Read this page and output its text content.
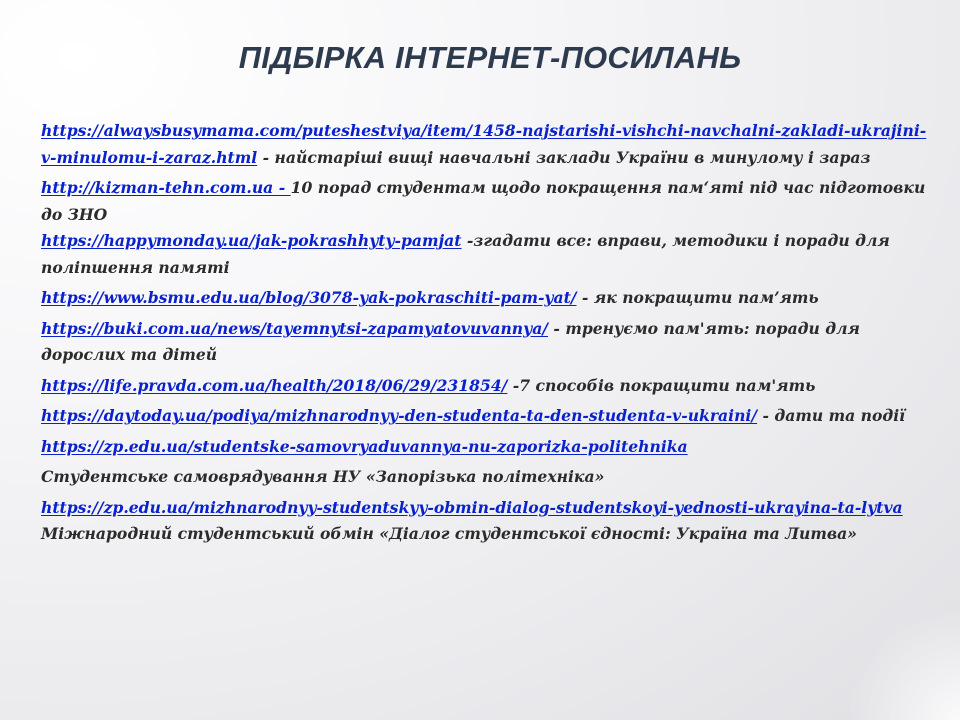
ПІДБІРКА ІНТЕРНЕТ-ПОСИЛАНЬ
https://alwaysbusymama.com/puteshestviya/item/1458-najstarishi-vishchi-navchalni-zakladi-ukrajini-v-minulomu-i-zaraz.html - найстаріші вищі навчальні заклади України в минулому і зараз
http://kizman-tehn.com.ua - 10 порад студентам щодо покращення пам‘яті під час підготовки до ЗНО
https://happymonday.ua/jak-pokrashhyty-pamjat -згадати все: вправи, методики і поради для поліпшення памяті
https://www.bsmu.edu.ua/blog/3078-yak-pokraschiti-pam-yat/ - як покращити пам’ять
https://buki.com.ua/news/tayemnytsi-zapamyatovuvannya/ - тренуємо пам'ять: поради для дорослих та дітей
https://life.pravda.com.ua/health/2018/06/29/231854/ -7 способів покращити пам'ять
https://daytoday.ua/podiya/mizhnarodnyy-den-studenta-ta-den-studenta-v-ukraini/ - дати та події
https://zp.edu.ua/studentske-samovryaduvannya-nu-zaporizka-politehnika
Студентське самоврядування НУ «Запорізька політехніка»
https://zp.edu.ua/mizhnarodnyy-studentskyy-obmin-dialog-studentskoyi-yednosti-ukrayina-ta-lytva Міжнародний студентський обмін «Діалог студентської єдності: Україна та Литва»
